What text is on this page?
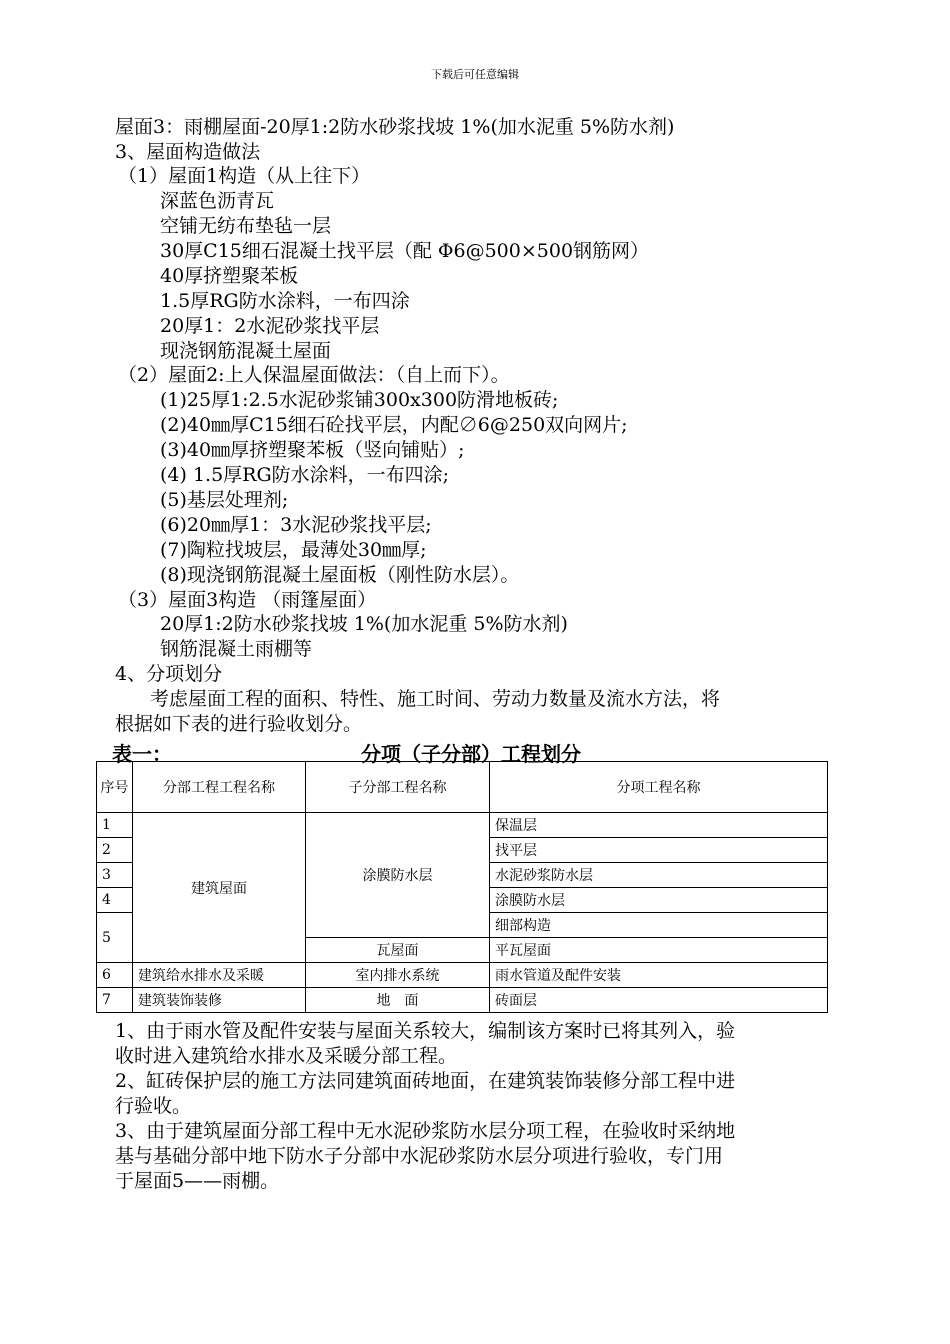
下载后可任意编辑
屋面3：雨棚屋面-20厚1:2防水砂浆找坡 1%(加水泥重 5%防水剂)
3、屋面构造做法
（1）屋面1构造（从上往下）
深蓝色沥青瓦
空铺无纺布垫毡一层
30厚C15细石混凝土找平层（配 Φ6@500×500钢筋网）
40厚挤塑聚苯板
1.5厚RG防水涂料，一布四涂
20厚1：2水泥砂浆找平层
现浇钢筋混凝土屋面
（2）屋面2:上人保温屋面做法：（自上而下）。
(1)25厚1:2.5水泥砂浆铺300x300防滑地板砖;
(2)40㎜厚C15细石砼找平层，内配∅6@250双向网片;
(3)40㎜厚挤塑聚苯板（竖向铺贴）;
(4) 1.5厚RG防水涂料，一布四涂;
(5)基层处理剂;
(6)20㎜厚1：3水泥砂浆找平层;
(7)陶粒找坡层，最薄处30㎜厚;
(8)现浇钢筋混凝土屋面板（刚性防水层）。
（3）屋面3构造 （雨篷屋面）
20厚1:2防水砂浆找坡 1%(加水泥重 5%防水剂)
钢筋混凝土雨棚等
4、分项划分
考虑屋面工程的面积、特性、施工时间、劳动力数量及流水方法，将
根据如下表的进行验收划分。
表一：	分项（子分部）工程划分
序号	分部工程工程名称	子分部工程名称	分项工程名称
1	建筑屋面	涂膜防水层	保温层
2			找平层
3			水泥砂浆防水层
4			涂膜防水层
5			细部构造
		瓦屋面	平瓦屋面
6	建筑给水排水及采暖	室内排水系统	雨水管道及配件安装
7	建筑装饰装修	地　面	砖面层
1、由于雨水管及配件安装与屋面关系较大，编制该方案时已将其列入，验
收时进入建筑给水排水及采暖分部工程。
2、缸砖保护层的施工方法同建筑面砖地面，在建筑装饰装修分部工程中进
行验收。
3、由于建筑屋面分部工程中无水泥砂浆防水层分项工程，在验收时采纳地
基与基础分部中地下防水子分部中水泥砂浆防水层分项进行验收，专门用
于屋面5——雨棚。
